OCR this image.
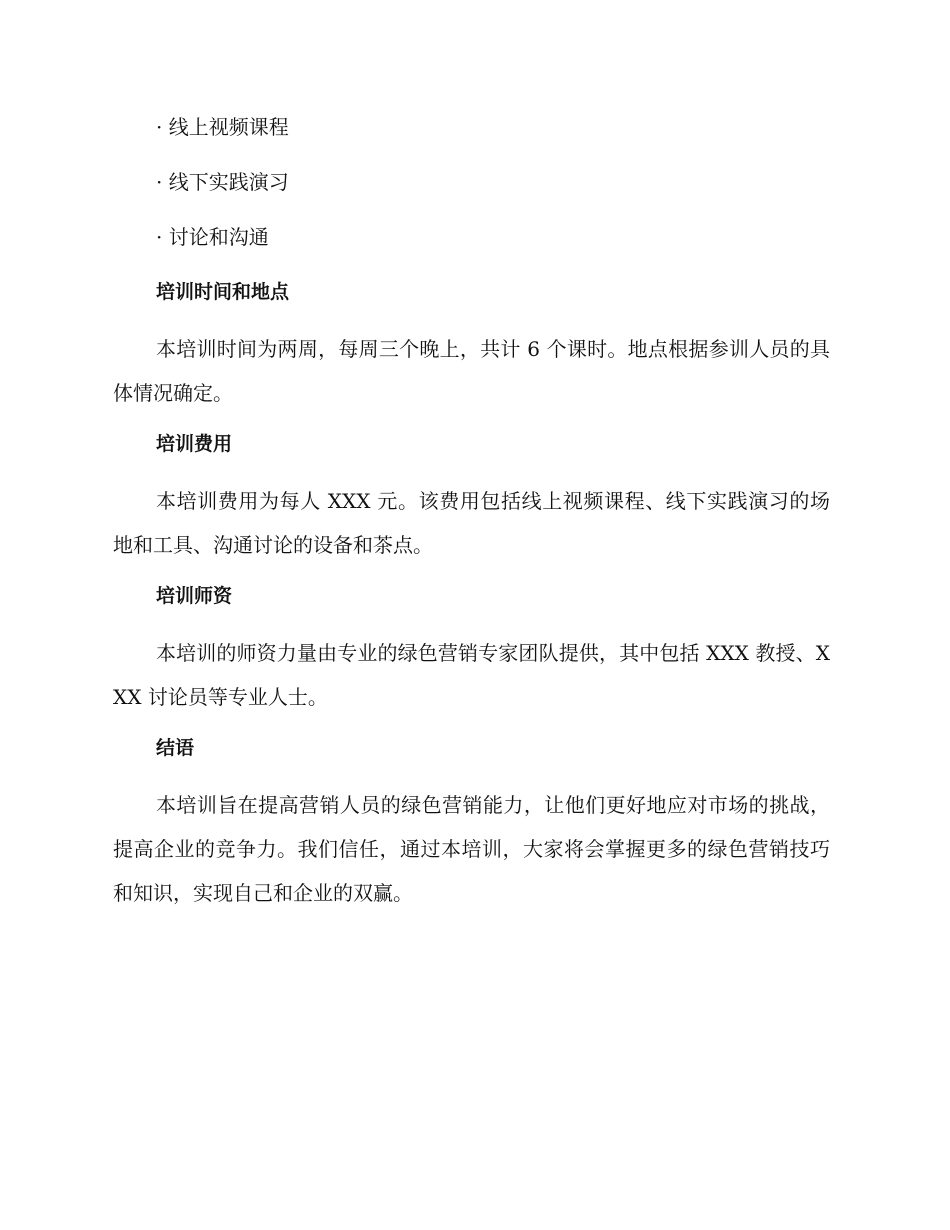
· 线上视频课程
· 线下实践演习
· 讨论和沟通
培训时间和地点

本培训时间为两周，每周三个晚上，共计 6 个课时。地点根据参训人员的具体情况确定。

培训费用

本培训费用为每人 XXX 元。该费用包括线上视频课程、线下实践演习的场地和工具、沟通讨论的设备和茶点。

培训师资

本培训的师资力量由专业的绿色营销专家团队提供，其中包括 XXX 教授、XXX 讨论员等专业人士。

结语

本培训旨在提高营销人员的绿色营销能力，让他们更好地应对市场的挑战，提高企业的竞争力。我们信任，通过本培训，大家将会掌握更多的绿色营销技巧和知识，实现自己和企业的双赢。
